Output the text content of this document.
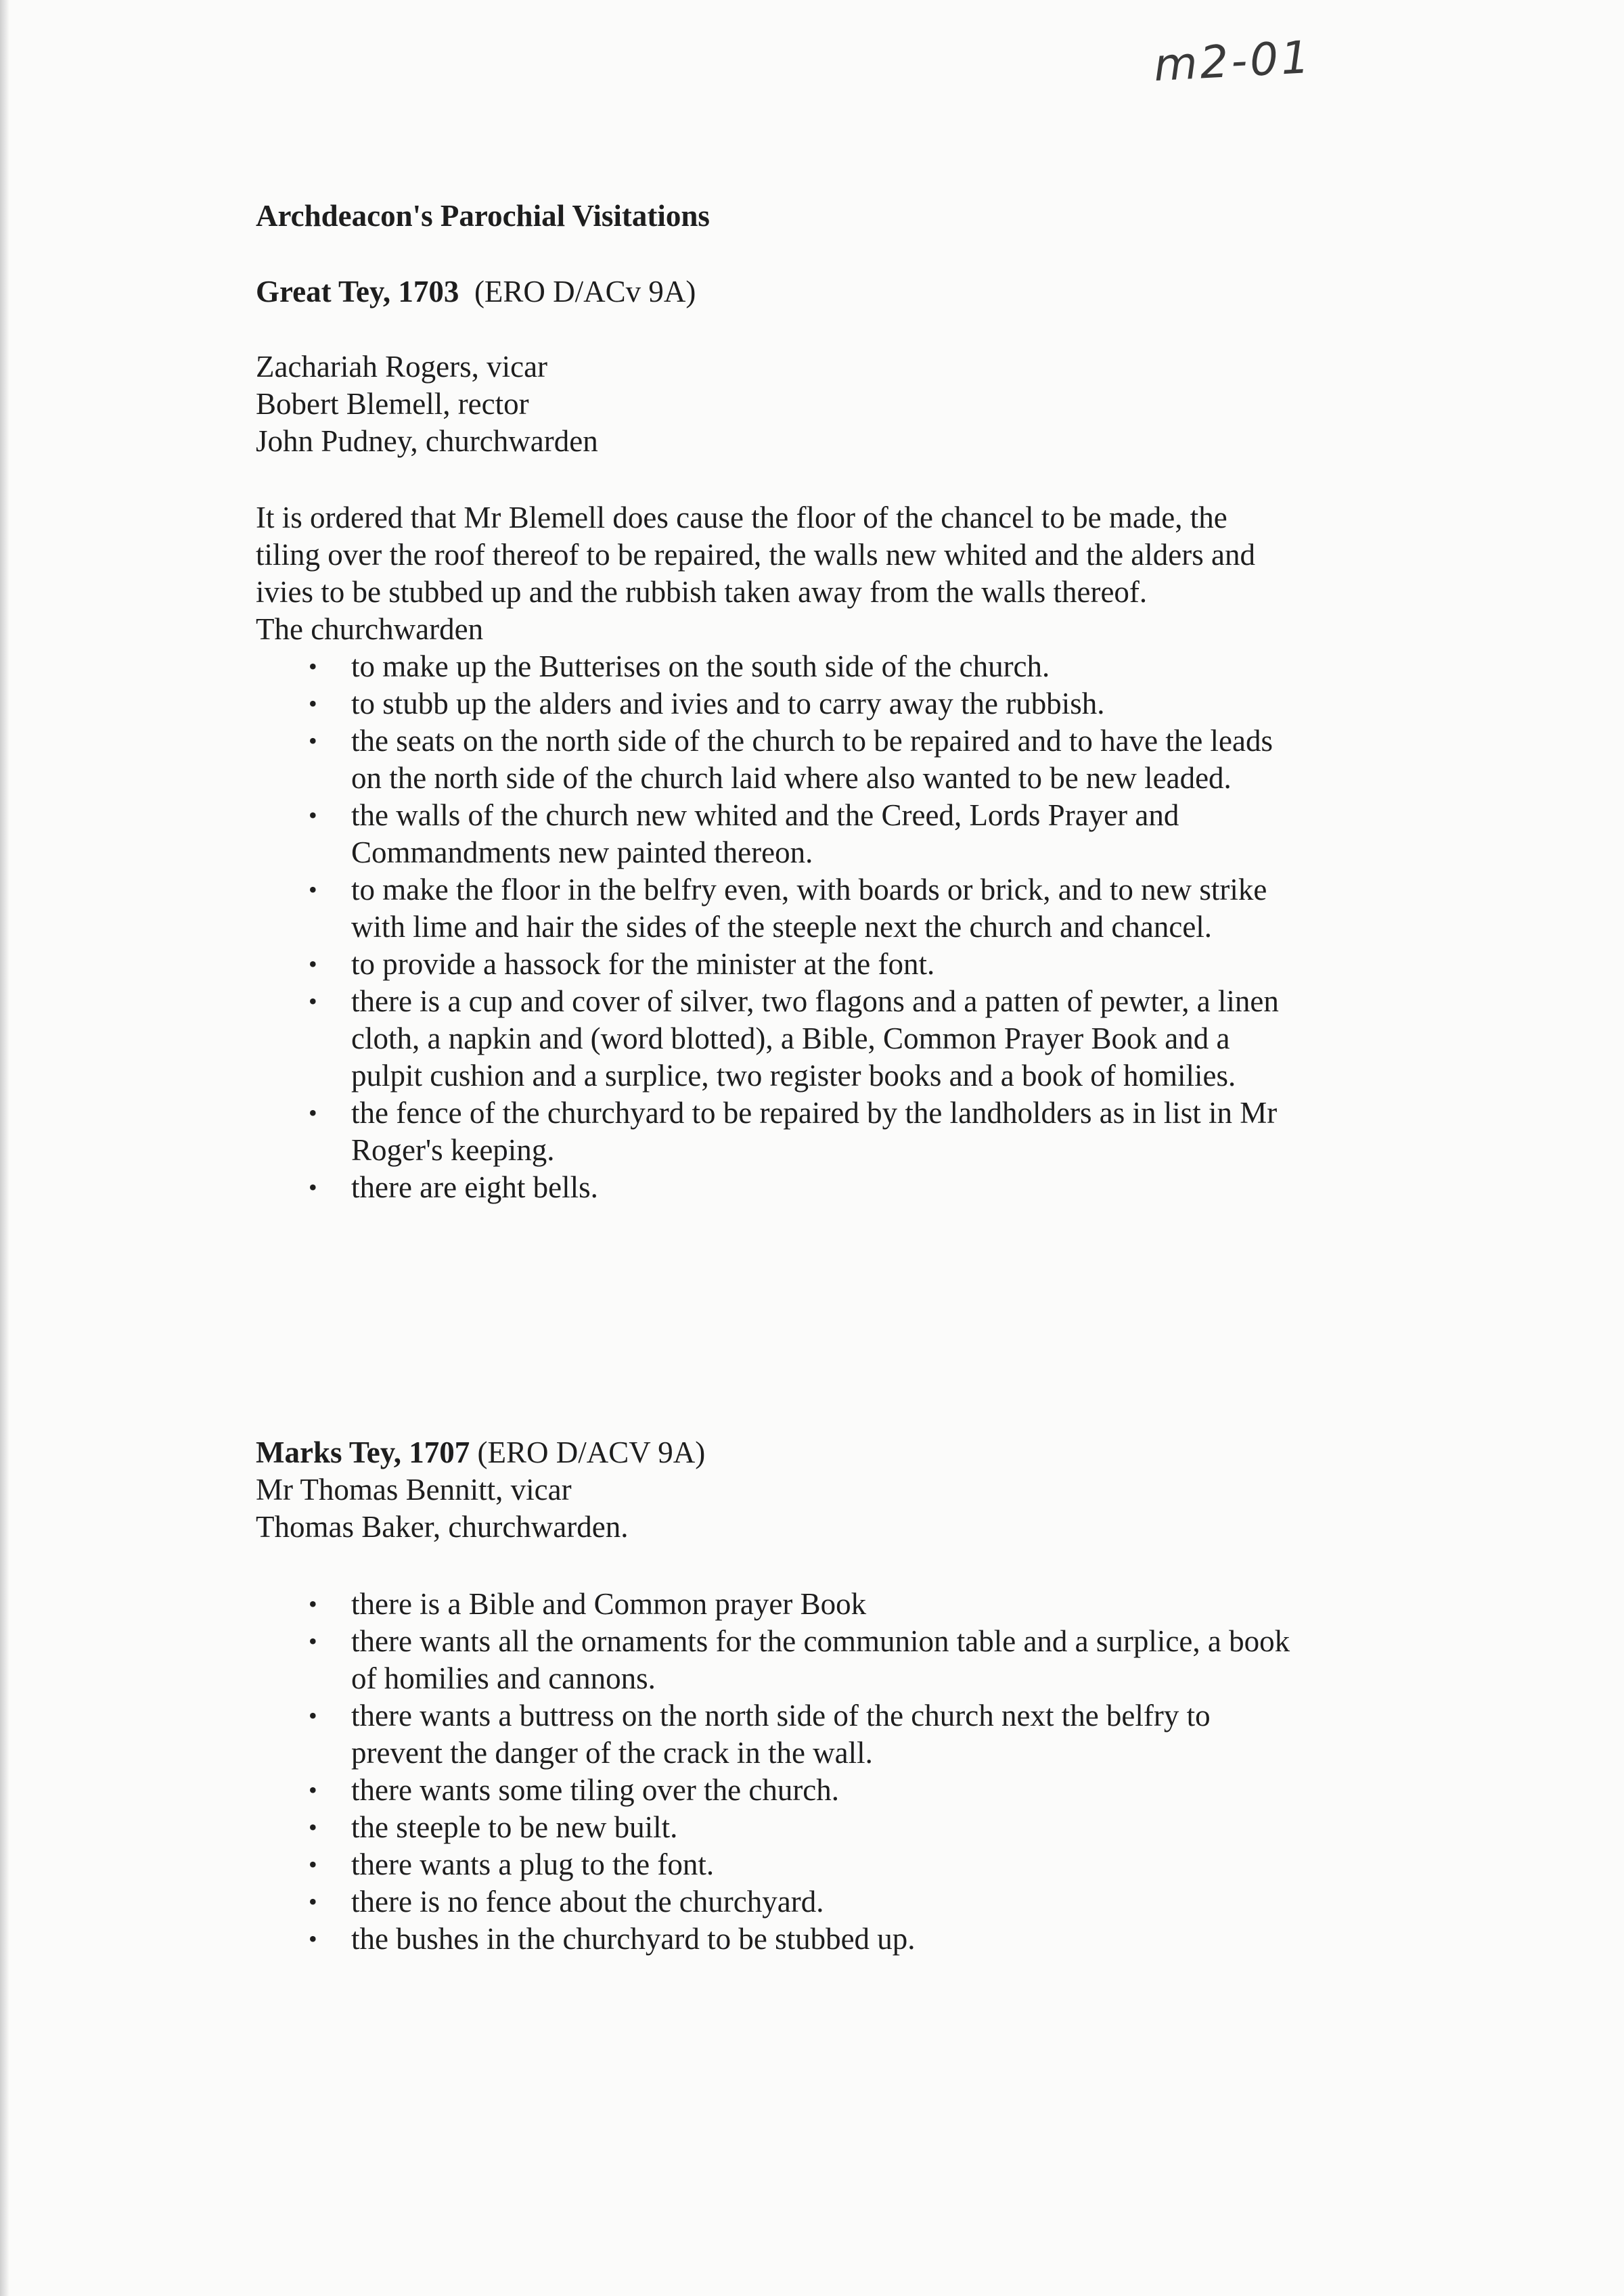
m2-01
Archdeacon's Parochial Visitations
Great Tey, 1703 (ERO D/ACv 9A)
Zachariah Rogers, vicar
Bobert Blemell, rector
John Pudney, churchwarden
It is ordered that Mr Blemell does cause the floor of the chancel to be made, the tiling over the roof thereof to be repaired, the walls new whited and the alders and ivies to be stubbed up and the rubbish taken away from the walls thereof.
The churchwarden
• to make up the Butterises on the south side of the church.
• to stubb up the alders and ivies and to carry away the rubbish.
• the seats on the north side of the church to be repaired and to have the leads on the north side of the church laid where also wanted to be new leaded.
• the walls of the church new whited and the Creed, Lords Prayer and Commandments new painted thereon.
• to make the floor in the belfry even, with boards or brick, and to new strike with lime and hair the sides of the steeple next the church and chancel.
• to provide a hassock for the minister at the font.
• there is a cup and cover of silver, two flagons and a patten of pewter, a linen cloth, a napkin and (word blotted), a Bible, Common Prayer Book and a pulpit cushion and a surplice, two register books and a book of homilies.
• the fence of the churchyard to be repaired by the landholders as in list in Mr Roger's keeping.
• there are eight bells.
Marks Tey, 1707 (ERO D/ACV 9A)
Mr Thomas Bennitt, vicar
Thomas Baker, churchwarden.
• there is a Bible and Common prayer Book
• there wants all the ornaments for the communion table and a surplice, a book of homilies and cannons.
• there wants a buttress on the north side of the church next the belfry to prevent the danger of the crack in the wall.
• there wants some tiling over the church.
• the steeple to be new built.
• there wants a plug to the font.
• there is no fence about the churchyard.
• the bushes in the churchyard to be stubbed up.
